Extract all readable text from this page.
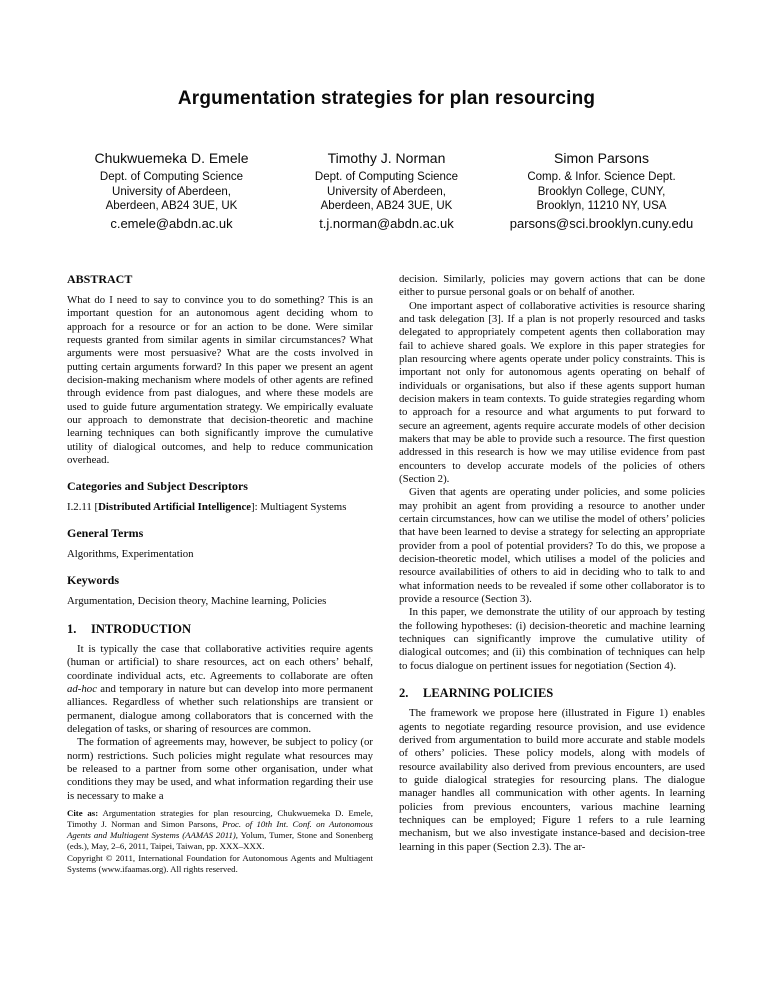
Argumentation strategies for plan resourcing
Chukwuemeka D. Emele
Dept. of Computing Science
University of Aberdeen,
Aberdeen, AB24 3UE, UK
c.emele@abdn.ac.uk
Timothy J. Norman
Dept. of Computing Science
University of Aberdeen,
Aberdeen, AB24 3UE, UK
t.j.norman@abdn.ac.uk
Simon Parsons
Comp. & Infor. Science Dept.
Brooklyn College, CUNY,
Brooklyn, 11210 NY, USA
parsons@sci.brooklyn.cuny.edu
ABSTRACT

What do I need to say to convince you to do something? This is an important question for an autonomous agent deciding whom to approach for a resource or for an action to be done. Were similar requests granted from similar agents in similar circumstances? What arguments were most persuasive? What are the costs involved in putting certain arguments forward? In this paper we present an agent decision-making mechanism where models of other agents are refined through evidence from past dialogues, and where these models are used to guide future argumentation strategy. We empirically evaluate our approach to demonstrate that decision-theoretic and machine learning techniques can both significantly improve the cumulative utility of dialogical outcomes, and help to reduce communication overhead.

Categories and Subject Descriptors

I.2.11 [Distributed Artificial Intelligence]: Multiagent Systems

General Terms

Algorithms, Experimentation

Keywords

Argumentation, Decision theory, Machine learning, Policies

1. INTRODUCTION

It is typically the case that collaborative activities require agents (human or artificial) to share resources, act on each others’ behalf, coordinate individual acts, etc. Agreements to collaborate are often ad-hoc and temporary in nature but can develop into more permanent alliances. Regardless of whether such relationships are transient or permanent, dialogue among collaborators that is concerned with the delegation of tasks, or sharing of resources are common.

The formation of agreements may, however, be subject to policy (or norm) restrictions. Such policies might regulate what resources may be released to a partner from some other organisation, under what conditions they may be used, and what information regarding their use is necessary to make a

Cite as: Argumentation strategies for plan resourcing, Chukwuemeka D. Emele, Timothy J. Norman and Simon Parsons, Proc. of 10th Int. Conf. on Autonomous Agents and Multiagent Systems (AAMAS 2011), Yolum, Tumer, Stone and Sonenberg (eds.), May, 2–6, 2011, Taipei, Taiwan, pp. XXX–XXX.

Copyright © 2011, International Foundation for Autonomous Agents and Multiagent Systems (www.ifaamas.org). All rights reserved.

decision. Similarly, policies may govern actions that can be done either to pursue personal goals or on behalf of another.

One important aspect of collaborative activities is resource sharing and task delegation [3]. If a plan is not properly resourced and tasks delegated to appropriately competent agents then collaboration may fail to achieve shared goals. We explore in this paper strategies for plan resourcing where agents operate under policy constraints. This is important not only for autonomous agents operating on behalf of individuals or organisations, but also if these agents support human decision makers in team contexts. To guide strategies regarding whom to approach for a resource and what arguments to put forward to secure an agreement, agents require accurate models of other decision makers that may be able to provide such a resource. The first question addressed in this research is how we may utilise evidence from past encounters to develop accurate models of the policies of others (Section 2).

Given that agents are operating under policies, and some policies may prohibit an agent from providing a resource to another under certain circumstances, how can we utilise the model of others’ policies that have been learned to devise a strategy for selecting an appropriate provider from a pool of potential providers? To do this, we propose a decision-theoretic model, which utilises a model of the policies and resource availabilities of others to aid in deciding who to talk to and what information needs to be revealed if some other collaborator is to provide a resource (Section 3).

In this paper, we demonstrate the utility of our approach by testing the following hypotheses: (i) decision-theoretic and machine learning techniques can significantly improve the cumulative utility of dialogical outcomes; and (ii) this combination of techniques can help to focus dialogue on pertinent issues for negotiation (Section 4).

2. LEARNING POLICIES

The framework we propose here (illustrated in Figure 1) enables agents to negotiate regarding resource provision, and use evidence derived from argumentation to build more accurate and stable models of others’ policies. These policy models, along with models of resource availability also derived from previous encounters, are used to guide dialogical strategies for resourcing plans. The dialogue manager handles all communication with other agents. In learning policies from previous encounters, various machine learning techniques can be employed; Figure 1 refers to a rule learning mechanism, but we also investigate instance-based and decision-tree learning in this paper (Section 2.3). The ar-
